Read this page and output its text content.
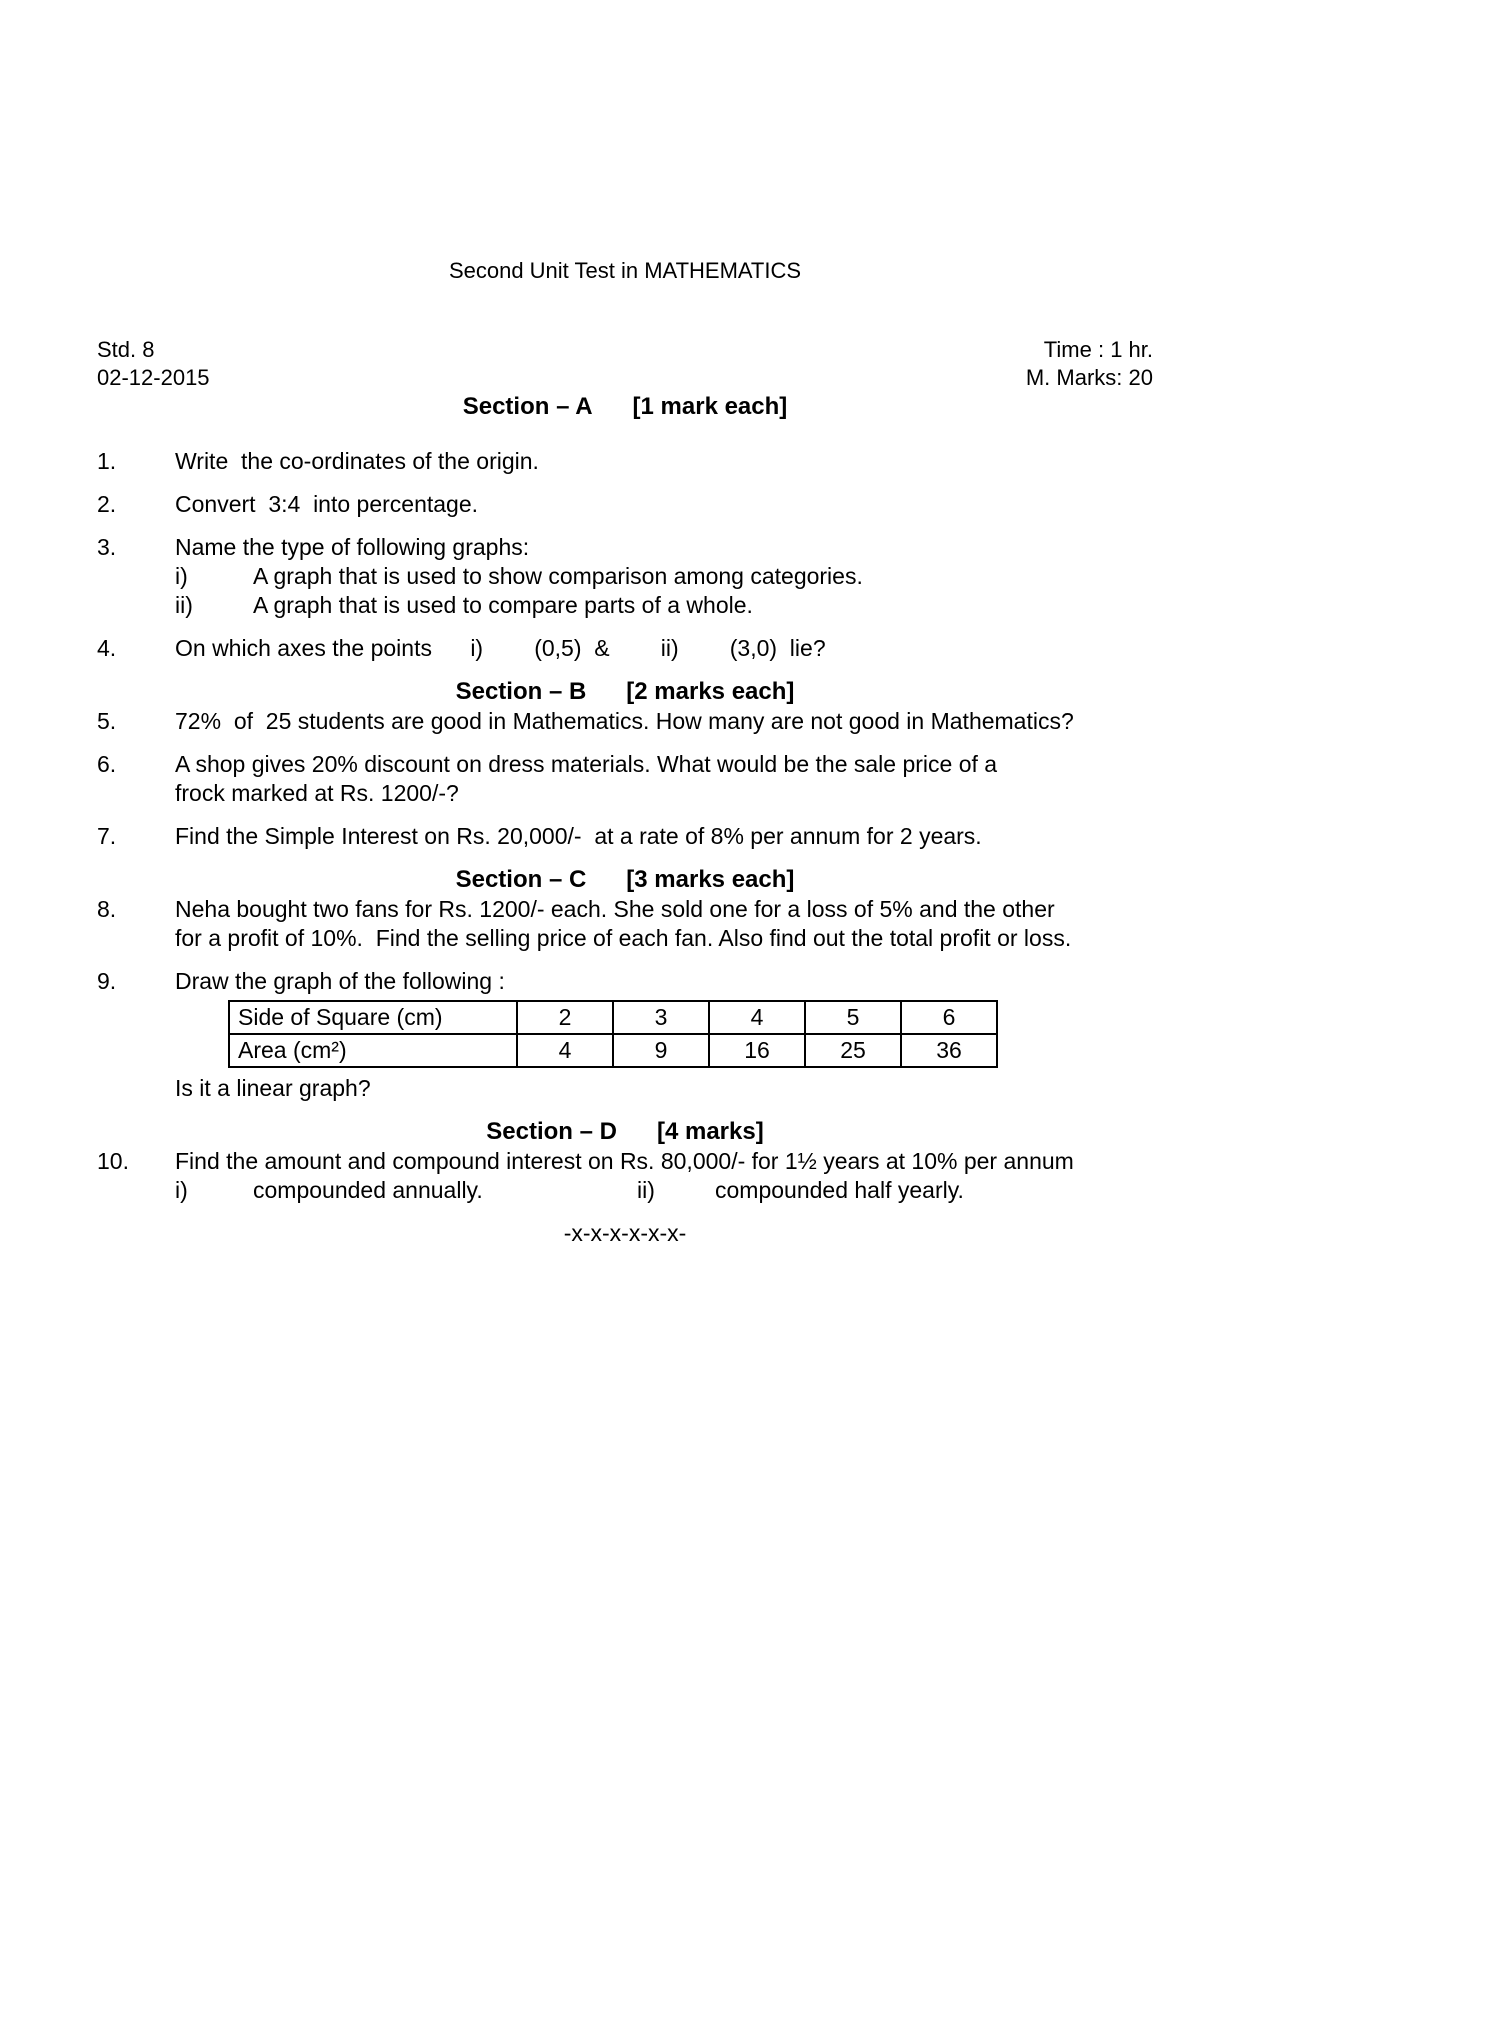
Second Unit Test in MATHEMATICS
Std. 8
02-12-2015
Time : 1 hr.
M. Marks: 20
Section – A [1 mark each]
1.	Write  the co-ordinates of the origin.
2.	Convert  3:4  into percentage.
3.	Name the type of following graphs:
i)	A graph that is used to show comparison among categories.
ii)	A graph that is used to compare parts of a whole.
4.	On which axes the points      i)        (0,5)  &        ii)        (3,0)  lie?
Section – B [2 marks each]
5.	72%  of  25 students are good in Mathematics. How many are not good in Mathematics?
6.	A shop gives 20% discount on dress materials. What would be the sale price of a
frock marked at Rs. 1200/-?
7.	Find the Simple Interest on Rs. 20,000/-  at a rate of 8% per annum for 2 years.
Section – C [3 marks each]
8.	Neha bought two fans for Rs. 1200/- each. She sold one for a loss of 5% and the other
for a profit of 10%.  Find the selling price of each fan. Also find out the total profit or loss.
9.	Draw the graph of the following :
Side of Square (cm)	2	3	4	5	6
Area (cm²)	4	9	16	25	36
Is it a linear graph?
Section – D [4 marks]
10.	Find the amount and compound interest on Rs. 80,000/- for 1½ years at 10% per annum
i)	compounded annually.	ii)	compounded half yearly.
-x-x-x-x-x-x-
